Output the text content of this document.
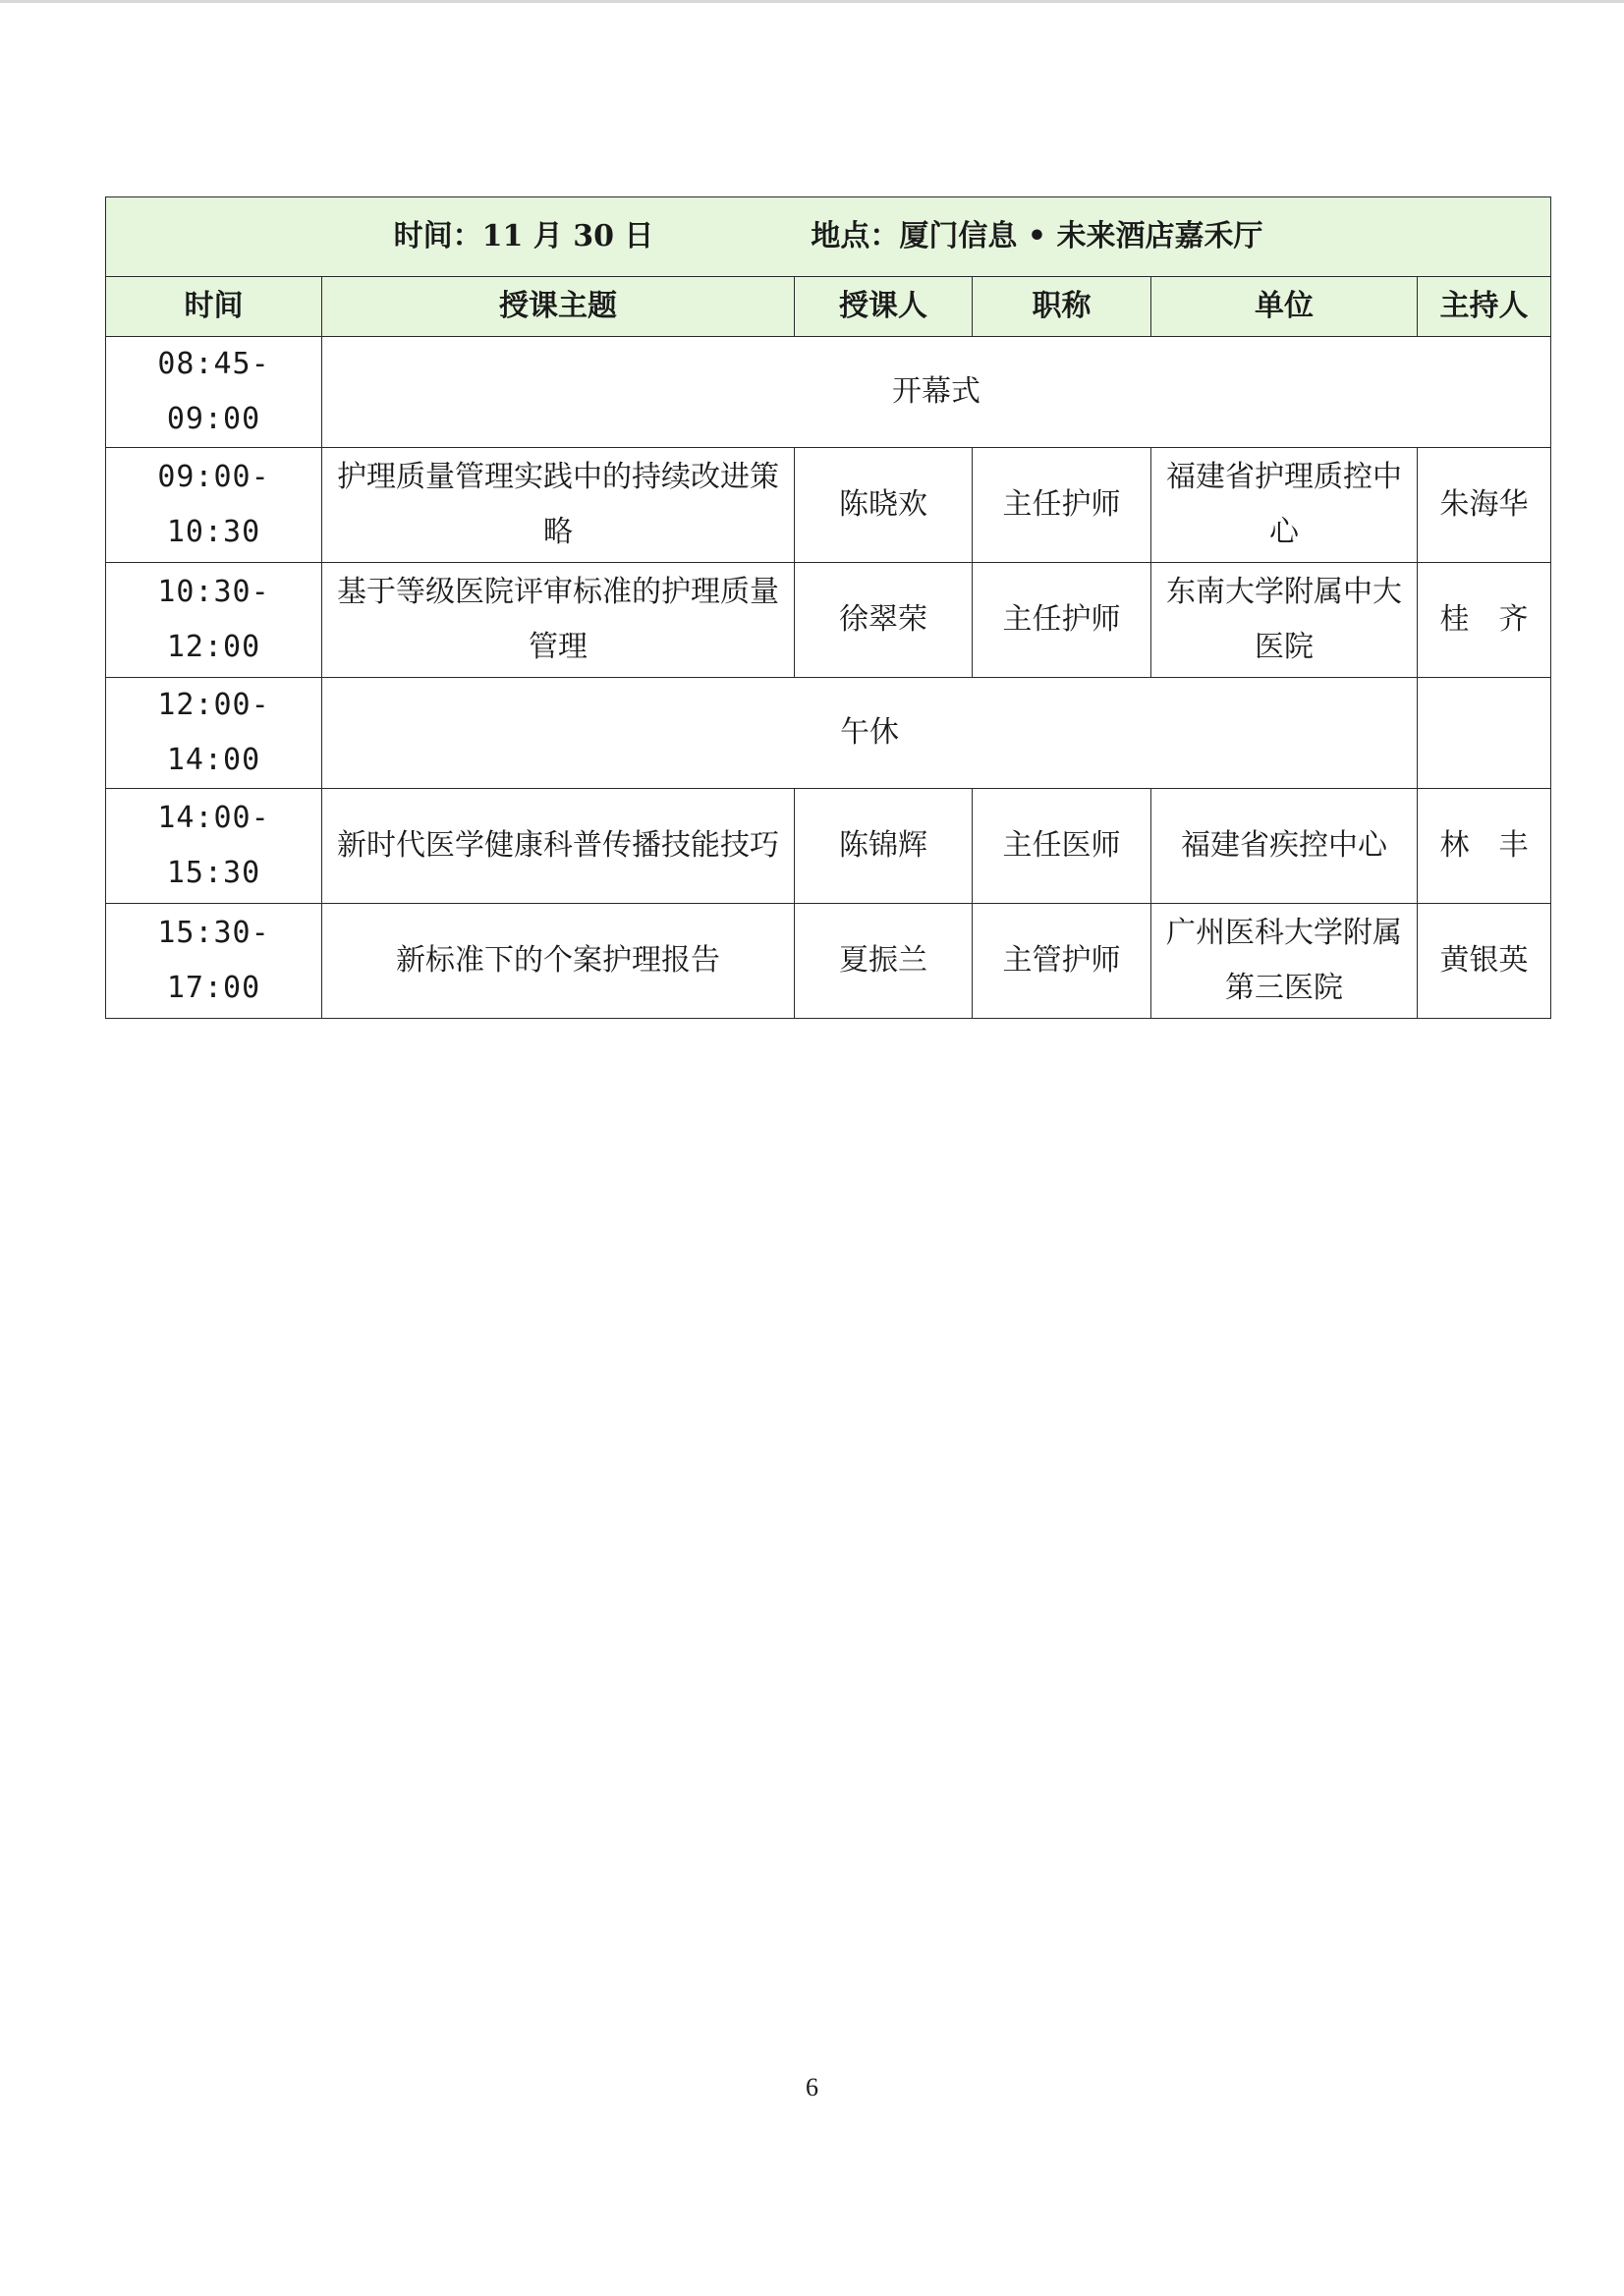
时间：11 月 30 日 地点：厦门信息 • 未来酒店嘉禾厅					
时间	授课主题	授课人	职称	单位	主持人
08:45-09:00	开幕式				
09:00-10:30	护理质量管理实践中的持续改进策略	陈晓欢	主任护师	福建省护理质控中心	朱海华
10:30-12:00	基于等级医院评审标准的护理质量管理	徐翠荣	主任护师	东南大学附属中大医院	桂　齐
12:00-14:00	午休				
14:00-15:30	新时代医学健康科普传播技能技巧	陈锦辉	主任医师	福建省疾控中心	林　丰
15:30-17:00	新标准下的个案护理报告	夏振兰	主管护师	广州医科大学附属第三医院	黄银英
6
